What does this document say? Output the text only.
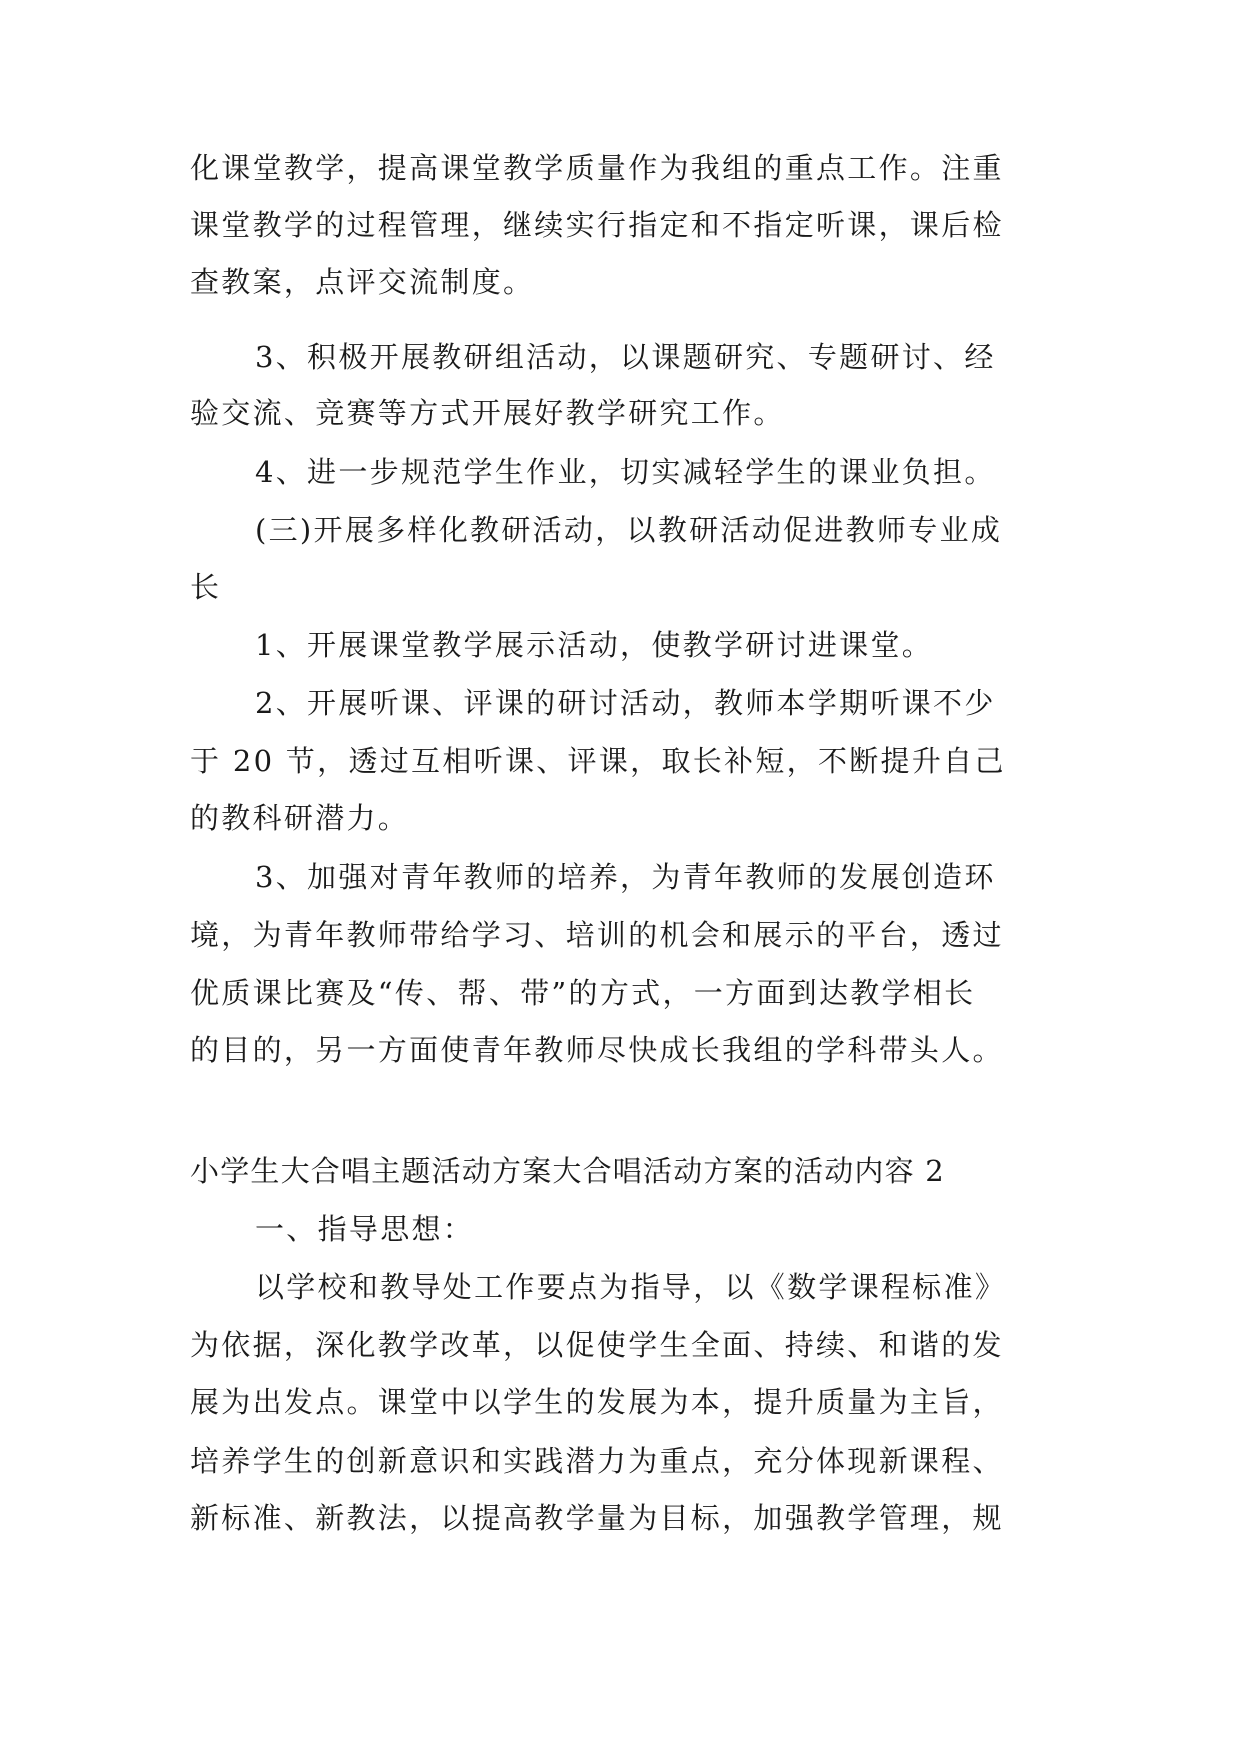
化课堂教学，提高课堂教学质量作为我组的重点工作。注重
课堂教学的过程管理，继续实行指定和不指定听课，课后检
查教案，点评交流制度。
3、积极开展教研组活动，以课题研究、专题研讨、经
验交流、竞赛等方式开展好教学研究工作。
4、进一步规范学生作业，切实减轻学生的课业负担。
(三)开展多样化教研活动，以教研活动促进教师专业成
长
1、开展课堂教学展示活动，使教学研讨进课堂。
2、开展听课、评课的研讨活动，教师本学期听课不少
于 20 节，透过互相听课、评课，取长补短，不断提升自己
的教科研潜力。
3、加强对青年教师的培养，为青年教师的发展创造环
境，为青年教师带给学习、培训的机会和展示的平台，透过
优质课比赛及“传、帮、带”的方式，一方面到达教学相长
的目的，另一方面使青年教师尽快成长我组的学科带头人。
小学生大合唱主题活动方案大合唱活动方案的活动内容 2
一、指导思想：
以学校和教导处工作要点为指导，以《数学课程标准》
为依据，深化教学改革，以促使学生全面、持续、和谐的发
展为出发点。课堂中以学生的发展为本，提升质量为主旨，
培养学生的创新意识和实践潜力为重点，充分体现新课程、
新标准、新教法，以提高教学量为目标，加强教学管理，规
